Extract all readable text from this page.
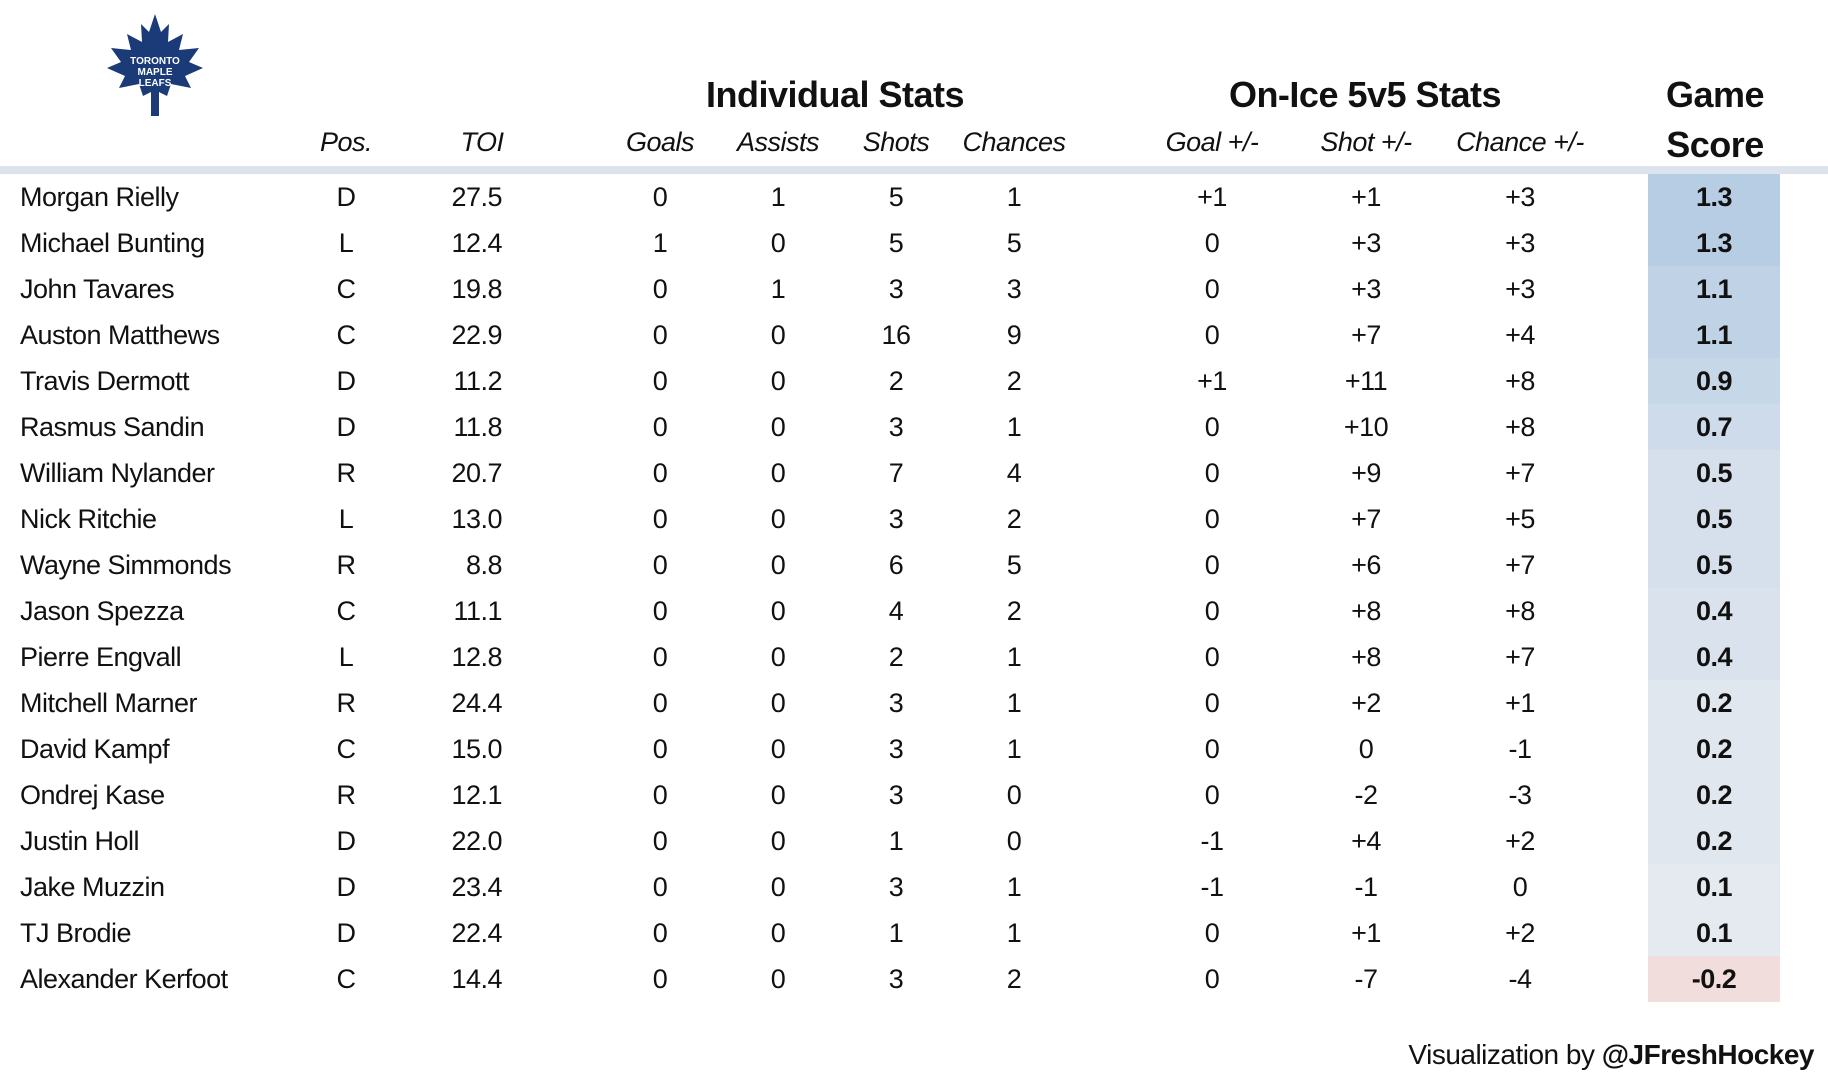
TORONTO
MAPLE
LEAFS	Individual Stats	On-Ice 5v5 Stats	Game Score
Pos.	TOI	Goals	Assists	Shots	Chances	Goal +/-	Shot +/-	Chance +/-
Morgan Rielly	D	27.5	0	1	5	1	+1	+1	+3	1.3
Michael Bunting	L	12.4	1	0	5	5	0	+3	+3	1.3
John Tavares	C	19.8	0	1	3	3	0	+3	+3	1.1
Auston Matthews	C	22.9	0	0	16	9	0	+7	+4	1.1
Travis Dermott	D	11.2	0	0	2	2	+1	+11	+8	0.9
Rasmus Sandin	D	11.8	0	0	3	1	0	+10	+8	0.7
William Nylander	R	20.7	0	0	7	4	0	+9	+7	0.5
Nick Ritchie	L	13.0	0	0	3	2	0	+7	+5	0.5
Wayne Simmonds	R	8.8	0	0	6	5	0	+6	+7	0.5
Jason Spezza	C	11.1	0	0	4	2	0	+8	+8	0.4
Pierre Engvall	L	12.8	0	0	2	1	0	+8	+7	0.4
Mitchell Marner	R	24.4	0	0	3	1	0	+2	+1	0.2
David Kampf	C	15.0	0	0	3	1	0	0	-1	0.2
Ondrej Kase	R	12.1	0	0	3	0	0	-2	-3	0.2
Justin Holl	D	22.0	0	0	1	0	-1	+4	+2	0.2
Jake Muzzin	D	23.4	0	0	3	1	-1	-1	0	0.1
TJ Brodie	D	22.4	0	0	1	1	0	+1	+2	0.1
Alexander Kerfoot	C	14.4	0	0	3	2	0	-7	-4	-0.2
Visualization by @JFreshHockey
